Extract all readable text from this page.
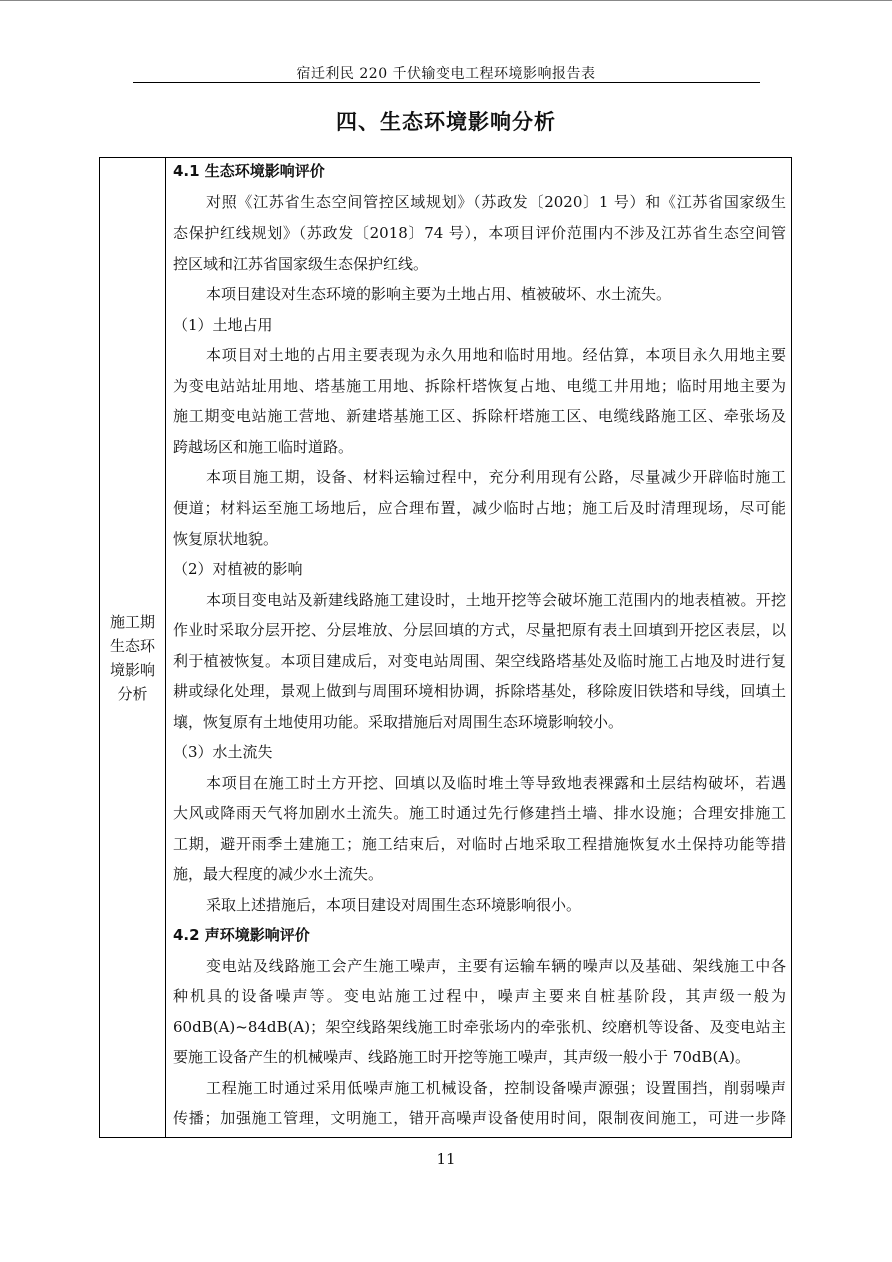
宿迁利民 220 千伏输变电工程环境影响报告表
四、生态环境影响分析
施工期
生态环
境影响
分析
4.1 生态环境影响评价
对照《江苏省生态空间管控区域规划》（苏政发〔2020〕1 号）和《江苏省国家级生
态保护红线规划》（苏政发〔2018〕74 号），本项目评价范围内不涉及江苏省生态空间管
控区域和江苏省国家级生态保护红线。
本项目建设对生态环境的影响主要为土地占用、植被破坏、水土流失。
（1）土地占用
本项目对土地的占用主要表现为永久用地和临时用地。经估算，本项目永久用地主要
为变电站站址用地、塔基施工用地、拆除杆塔恢复占地、电缆工井用地；临时用地主要为
施工期变电站施工营地、新建塔基施工区、拆除杆塔施工区、电缆线路施工区、牵张场及
跨越场区和施工临时道路。
本项目施工期，设备、材料运输过程中，充分利用现有公路，尽量减少开辟临时施工
便道；材料运至施工场地后，应合理布置，减少临时占地；施工后及时清理现场，尽可能
恢复原状地貌。
（2）对植被的影响
本项目变电站及新建线路施工建设时，土地开挖等会破坏施工范围内的地表植被。开挖
作业时采取分层开挖、分层堆放、分层回填的方式，尽量把原有表土回填到开挖区表层，以
利于植被恢复。本项目建成后，对变电站周围、架空线路塔基处及临时施工占地及时进行复
耕或绿化处理，景观上做到与周围环境相协调，拆除塔基处，移除废旧铁塔和导线，回填土
壤，恢复原有土地使用功能。采取措施后对周围生态环境影响较小。
（3）水土流失
本项目在施工时土方开挖、回填以及临时堆土等导致地表裸露和土层结构破坏，若遇
大风或降雨天气将加剧水土流失。施工时通过先行修建挡土墙、排水设施；合理安排施工
工期，避开雨季土建施工；施工结束后，对临时占地采取工程措施恢复水土保持功能等措
施，最大程度的减少水土流失。
采取上述措施后，本项目建设对周围生态环境影响很小。
4.2 声环境影响评价
变电站及线路施工会产生施工噪声，主要有运输车辆的噪声以及基础、架线施工中各
种机具的设备噪声等。变电站施工过程中，噪声主要来自桩基阶段，其声级一般为
60dB(A)~84dB(A)；架空线路架线施工时牵张场内的牵张机、绞磨机等设备、及变电站主
要施工设备产生的机械噪声、线路施工时开挖等施工噪声，其声级一般小于 70dB(A)。
工程施工时通过采用低噪声施工机械设备，控制设备噪声源强；设置围挡，削弱噪声
传播；加强施工管理，文明施工，错开高噪声设备使用时间，限制夜间施工，可进一步降
11
